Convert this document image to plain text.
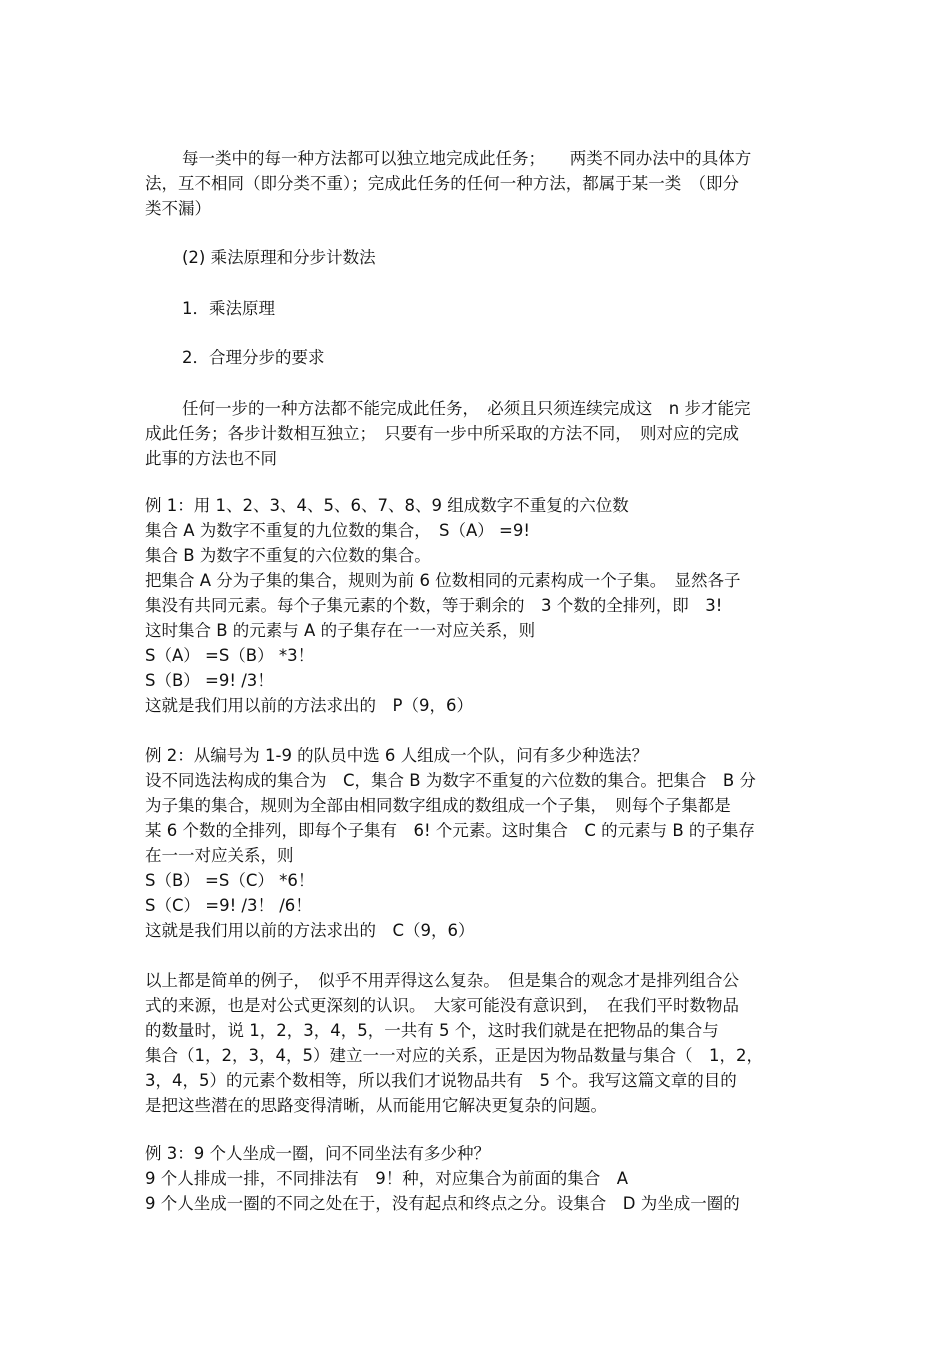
每一类中的每一种方法都可以独立地完成此任务；　　两类不同办法中的具体方
法，互不相同（即分类不重）；完成此任务的任何一种方法，都属于某一类　（即分
类不漏）
(2) 乘法原理和分步计数法
1．乘法原理
2．合理分步的要求
任何一步的一种方法都不能完成此任务，　必须且只须连续完成这　n 步才能完
成此任务；各步计数相互独立；　只要有一步中所采取的方法不同，　则对应的完成
此事的方法也不同
例 1：用 1、2、3、4、5、6、7、8、9 组成数字不重复的六位数
集合 A 为数字不重复的九位数的集合，　S（A） =9!
集合 B 为数字不重复的六位数的集合。
把集合 A 分为子集的集合，规则为前 6 位数相同的元素构成一个子集。　显然各子
集没有共同元素。每个子集元素的个数，等于剩余的　3 个数的全排列，即　3!
这时集合 B 的元素与 A 的子集存在一一对应关系，则
S（A） =S（B） *3！
S（B） =9! /3！
这就是我们用以前的方法求出的　P（9，6）
例 2：从编号为 1-9 的队员中选 6 人组成一个队，问有多少种选法？
设不同选法构成的集合为　C，集合 B 为数字不重复的六位数的集合。把集合　B 分
为子集的集合，规则为全部由相同数字组成的数组成一个子集，　则每个子集都是
某 6 个数的全排列，即每个子集有　6! 个元素。这时集合　C 的元素与 B 的子集存
在一一对应关系，则
S（B） =S（C） *6！
S（C） =9! /3！ /6！
这就是我们用以前的方法求出的　C（9，6）
以上都是简单的例子，　似乎不用弄得这么复杂。　但是集合的观念才是排列组合公
式的来源，也是对公式更深刻的认识。　大家可能没有意识到，　在我们平时数物品
的数量时，说 1，2，3，4，5，一共有 5 个，这时我们就是在把物品的集合与
集合（1，2，3，4，5）建立一一对应的关系，正是因为物品数量与集合（　1，2，
3，4，5）的元素个数相等，所以我们才说物品共有　5 个。我写这篇文章的目的
是把这些潜在的思路变得清晰，从而能用它解决更复杂的问题。
例 3：9 个人坐成一圈，问不同坐法有多少种？
9 个人排成一排，不同排法有　9！种，对应集合为前面的集合　A
9 个人坐成一圈的不同之处在于，没有起点和终点之分。设集合　D 为坐成一圈的
